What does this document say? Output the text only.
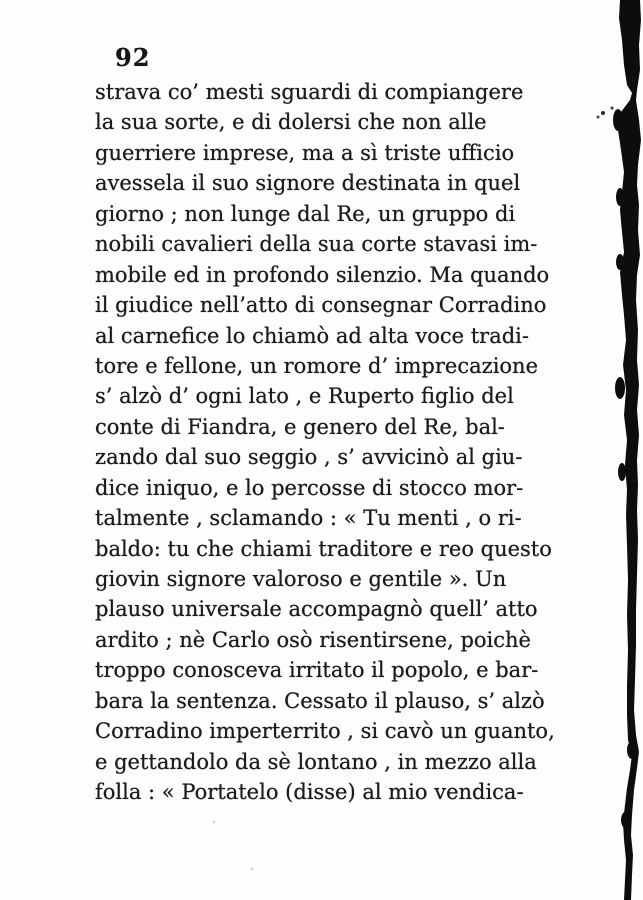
92
strava co’ mesti sguardi di compiangere
la sua sorte, e di dolersi che non alle
guerriere imprese, ma a sì triste ufficio
avessela il suo signore destinata in quel
giorno ; non lunge dal Re, un gruppo di
nobili cavalieri della sua corte stavasi im-
mobile ed in profondo silenzio. Ma quando
il giudice nell’atto di consegnar Corradino
al carnefice lo chiamò ad alta voce tradi-
tore e fellone, un romore d’ imprecazione
s’ alzò d’ ogni lato , e Ruperto figlio del
conte di Fiandra, e genero del Re, bal-
zando dal suo seggio , s’ avvicinò al giu-
dice iniquo, e lo percosse di stocco mor-
talmente , sclamando : « Tu menti , o ri-
baldo: tu che chiami traditore e reo questo
giovin signore valoroso e gentile ». Un
plauso universale accompagnò quell’ atto
ardito ; nè Carlo osò risentirsene, poichè
troppo conosceva irritato il popolo, e bar-
bara la sentenza. Cessato il plauso, s’ alzò
Corradino imperterrito , si cavò un guanto,
e gettandolo da sè lontano , in mezzo alla
folla : « Portatelo (disse) al mio vendica-
